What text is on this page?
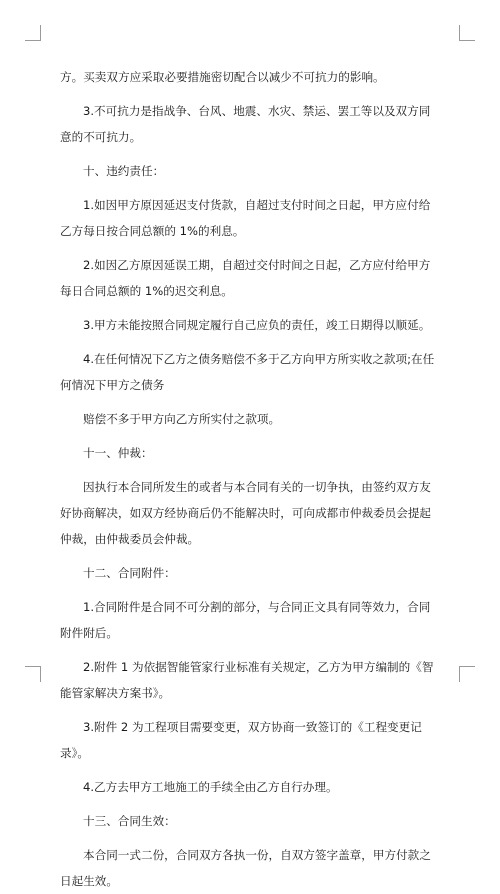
方。买卖双方应采取必要措施密切配合以减少不可抗力的影响。

3.不可抗力是指战争、台风、地震、水灾、禁运、罢工等以及双方同意的不可抗力。

十、违约责任：

1.如因甲方原因延迟支付货款，自超过支付时间之日起，甲方应付给乙方每日按合同总额的 1%的利息。

2.如因乙方原因延误工期，自超过交付时间之日起，乙方应付给甲方每日合同总额的 1%的迟交利息。

3.甲方未能按照合同规定履行自己应负的责任，竣工日期得以顺延。

4.在任何情况下乙方之债务赔偿不多于乙方向甲方所实收之款项;在任何情况下甲方之债务

赔偿不多于甲方向乙方所实付之款项。

十一、仲裁：

因执行本合同所发生的或者与本合同有关的一切争执，由签约双方友好协商解决，如双方经协商后仍不能解决时，可向成都市仲裁委员会提起仲裁，由仲裁委员会仲裁。

十二、合同附件：

1.合同附件是合同不可分割的部分，与合同正文具有同等效力，合同附件附后。

2.附件 1 为依据智能管家行业标准有关规定，乙方为甲方编制的《智能管家解决方案书》。

3.附件 2 为工程项目需要变更，双方协商一致签订的《工程变更记录》。

4.乙方去甲方工地施工的手续全由乙方自行办理。

十三、合同生效：

本合同一式二份，合同双方各执一份，自双方签字盖章，甲方付款之日起生效。
